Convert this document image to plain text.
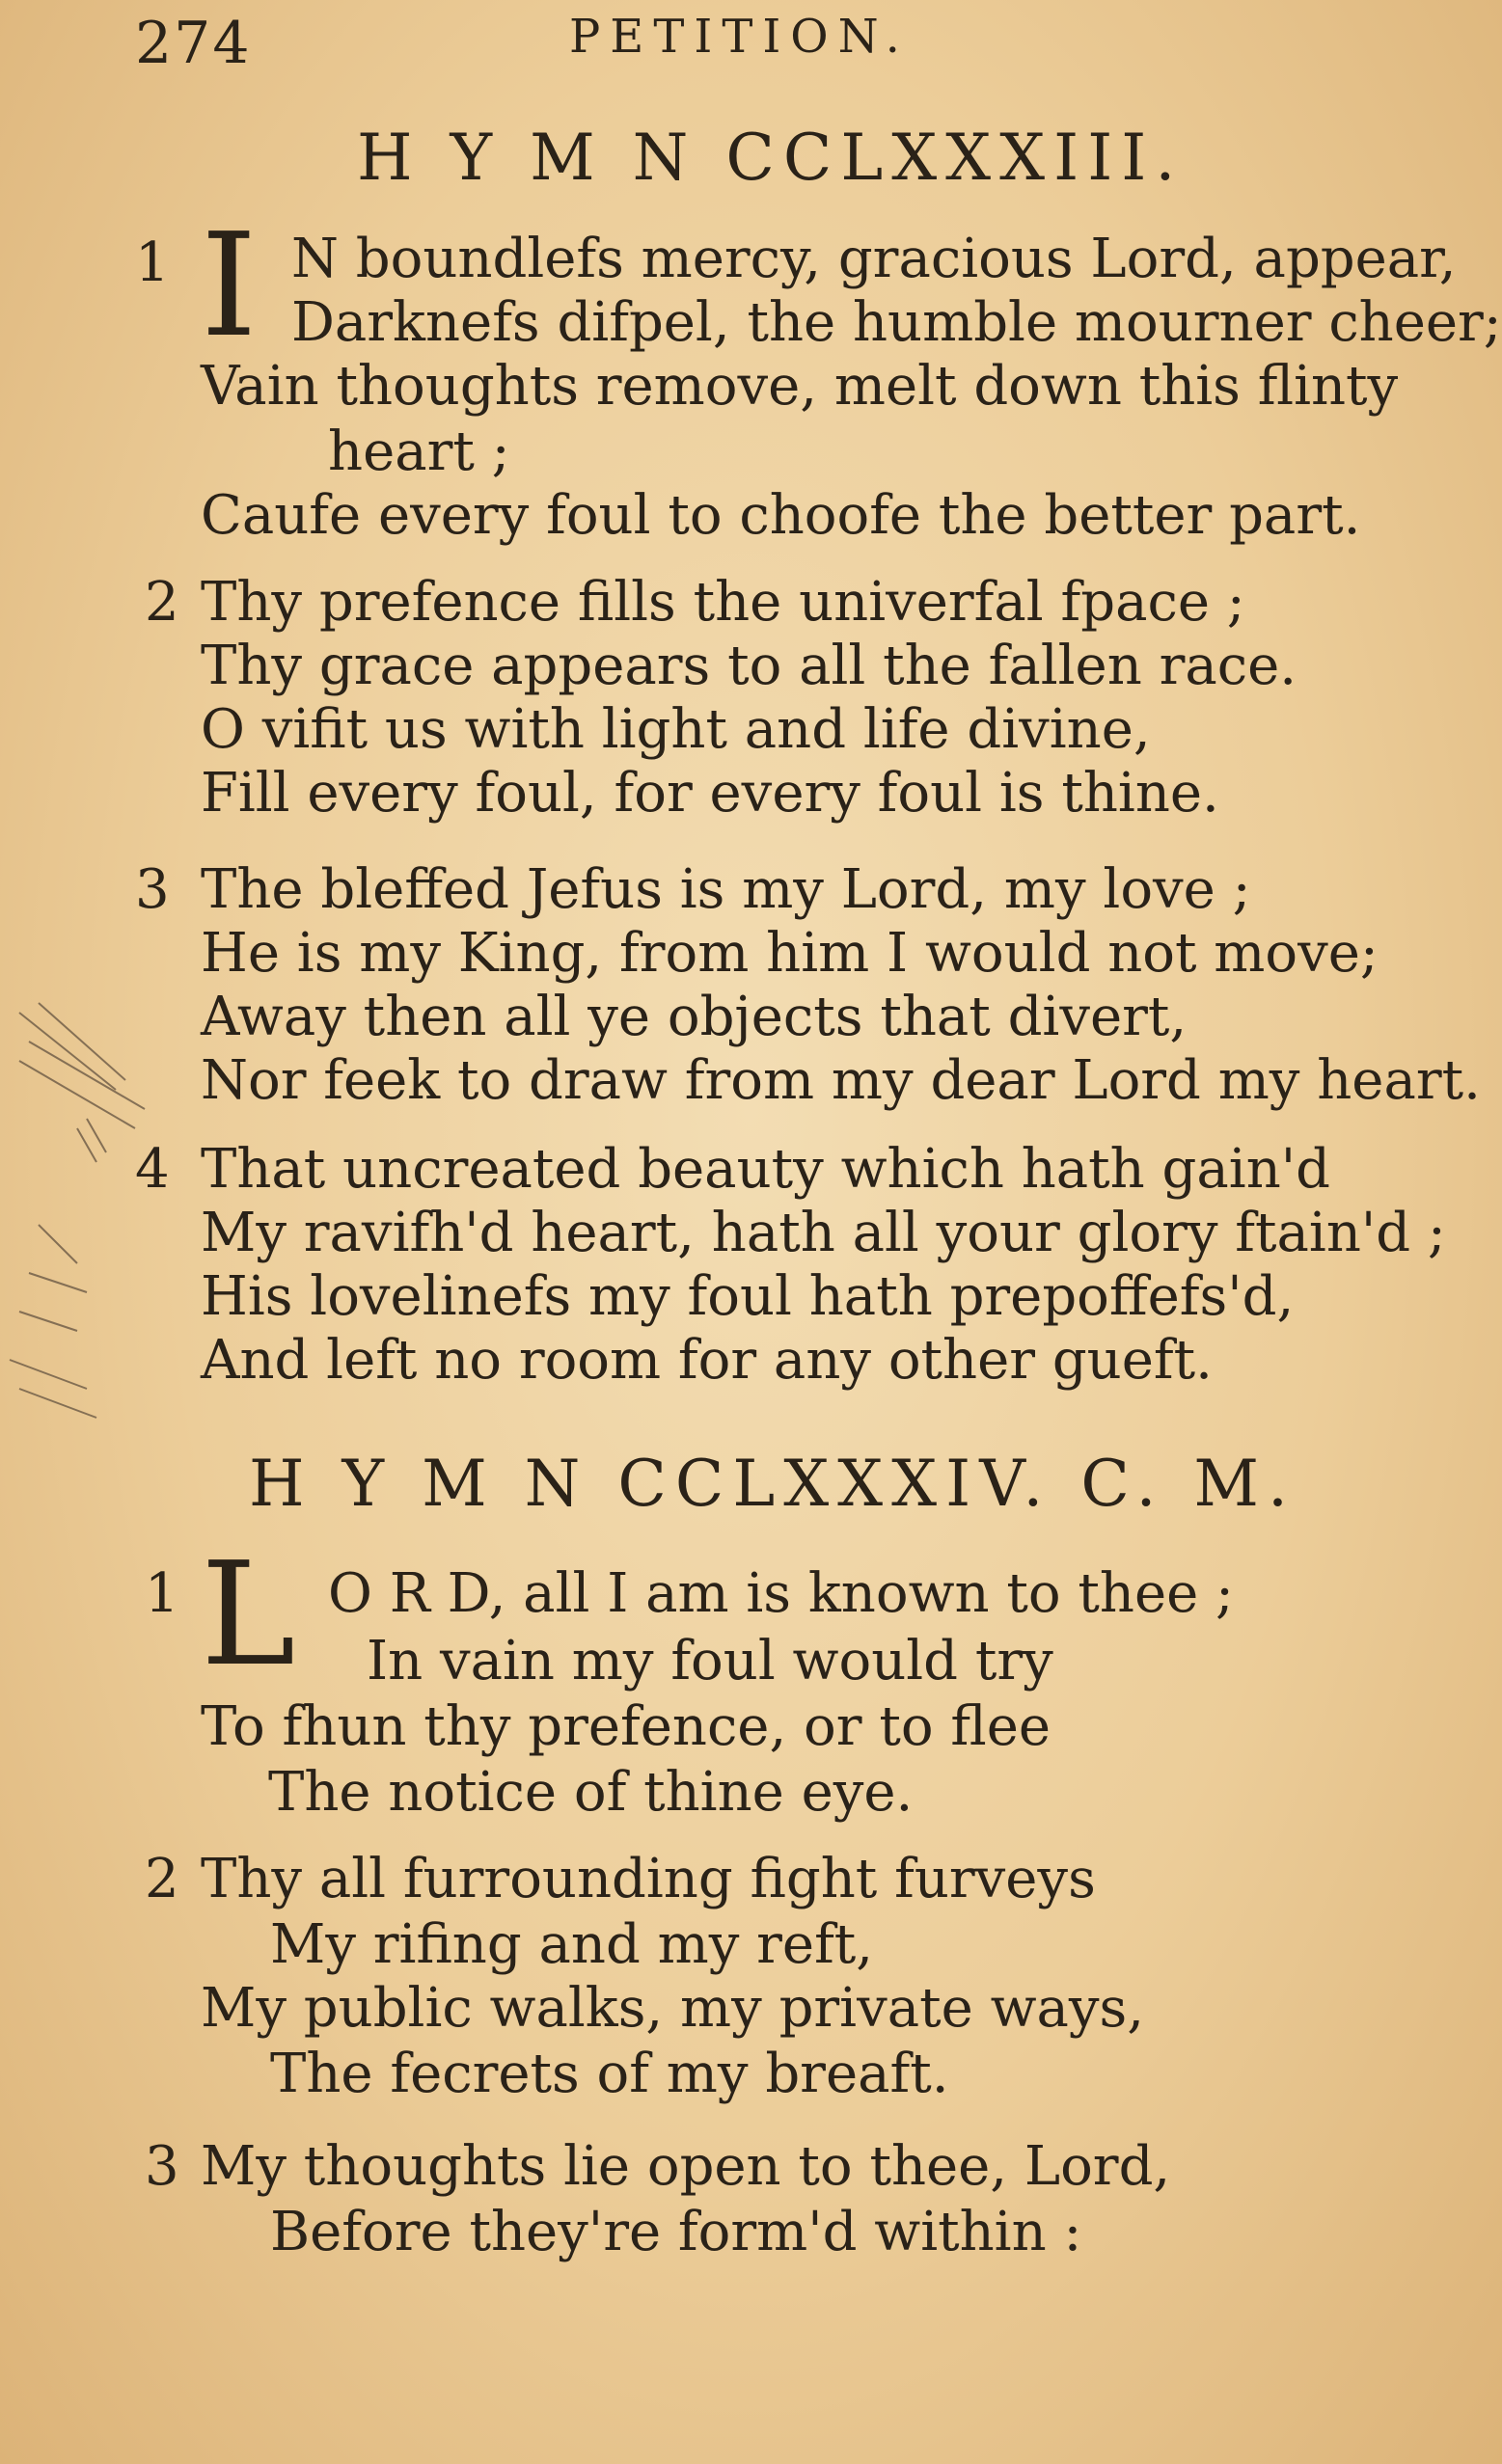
274	PETITION.
H Y M N CCLXXXIII.
1 I N boundlefs mercy, gracious Lord, appear,
Darknefs difpel, the humble mourner cheer;
Vain thoughts remove, melt down this flinty
heart ;
Caufe every foul to choofe the better part.
2 Thy prefence fills the univerfal fpace ;
Thy grace appears to all the fallen race.
O vifit us with light and life divine,
Fill every foul, for every foul is thine.
3 The bleffed Jefus is my Lord, my love ;
He is my King, from him I would not move;
Away then all ye objects that divert,
Nor feek to draw from my dear Lord my heart.
4 That uncreated beauty which hath gain'd
My ravifh'd heart, hath all your glory ftain'd ;
His lovelinefs my foul hath prepoffefs'd,
And left no room for any other gueft.
H Y M N CCLXXXIV. C. M.
1 L O R D, all I am is known to thee ;
In vain my foul would try
To fhun thy prefence, or to flee
The notice of thine eye.
2 Thy all furrounding fight furveys
My rifing and my reft,
My public walks, my private ways,
The fecrets of my breaft.
3 My thoughts lie open to thee, Lord,
Before they're form'd within :
